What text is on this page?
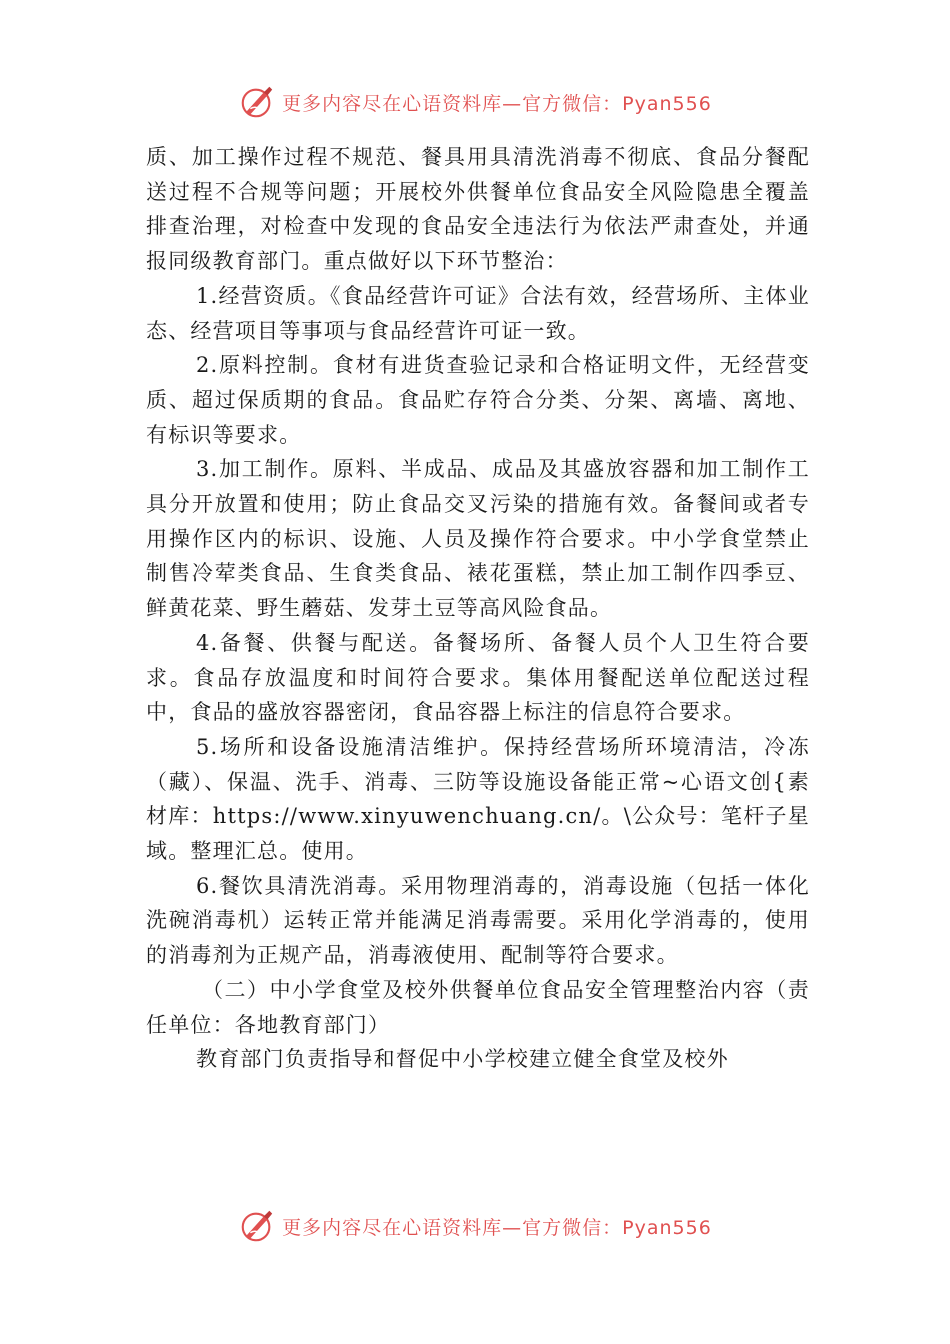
更多内容尽在心语资料库—官方微信：Pyan556

质、加工操作过程不规范、餐具用具清洗消毒不彻底、食品分餐配送过程不合规等问题；开展校外供餐单位食品安全风险隐患全覆盖排查治理，对检查中发现的食品安全违法行为依法严肃查处，并通报同级教育部门。重点做好以下环节整治：

1.经营资质。《食品经营许可证》合法有效，经营场所、主体业态、经营项目等事项与食品经营许可证一致。

2.原料控制。食材有进货查验记录和合格证明文件，无经营变质、超过保质期的食品。食品贮存符合分类、分架、离墙、离地、有标识等要求。

3.加工制作。原料、半成品、成品及其盛放容器和加工制作工具分开放置和使用；防止食品交叉污染的措施有效。备餐间或者专用操作区内的标识、设施、人员及操作符合要求。中小学食堂禁止制售冷荤类食品、生食类食品、裱花蛋糕，禁止加工制作四季豆、鲜黄花菜、野生蘑菇、发芽土豆等高风险食品。

4.备餐、供餐与配送。备餐场所、备餐人员个人卫生符合要求。食品存放温度和时间符合要求。集体用餐配送单位配送过程中，食品的盛放容器密闭，食品容器上标注的信息符合要求。

5.场所和设备设施清洁维护。保持经营场所环境清洁，冷冻（藏）、保温、洗手、消毒、三防等设施设备能正常~心语文创{素材库：https://www.xinyuwenchuang.cn/。\公众号：笔杆子星域。整理汇总。使用。

6.餐饮具清洗消毒。采用物理消毒的，消毒设施（包括一体化洗碗消毒机）运转正常并能满足消毒需要。采用化学消毒的，使用的消毒剂为正规产品，消毒液使用、配制等符合要求。

（二）中小学食堂及校外供餐单位食品安全管理整治内容（责任单位：各地教育部门）

教育部门负责指导和督促中小学校建立健全食堂及校外

更多内容尽在心语资料库—官方微信：Pyan556
